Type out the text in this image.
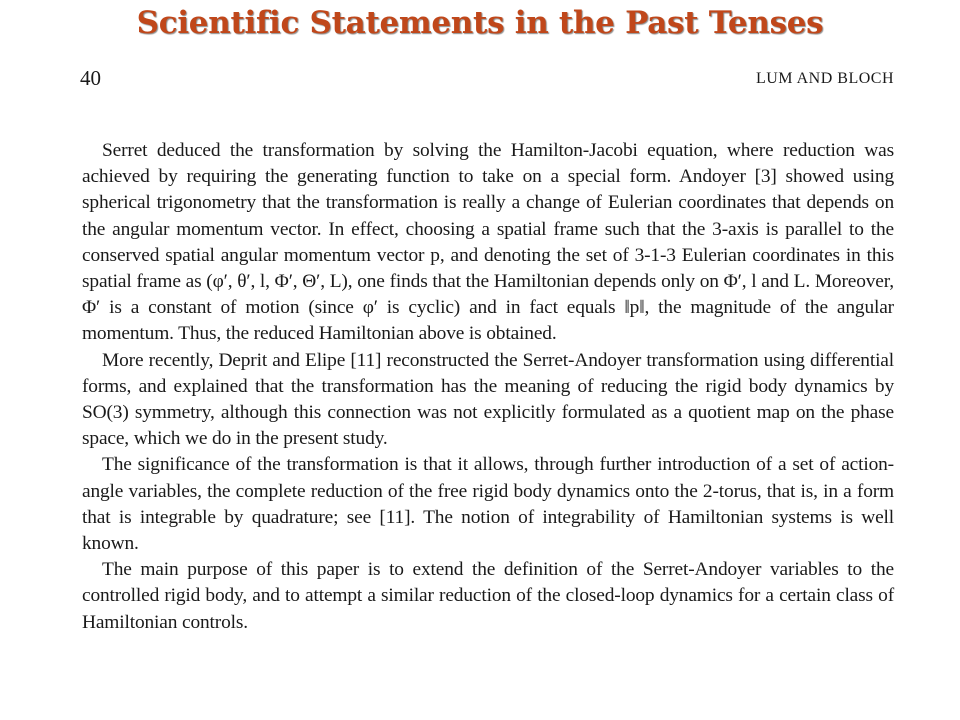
Scientific Statements in the Past Tenses
40	LUM AND BLOCH

Serret deduced the transformation by solving the Hamilton-Jacobi equation, where reduction was achieved by requiring the generating function to take on a special form. Andoyer [3] showed using spherical trigonometry that the transformation is really a change of Eulerian coordinates that depends on the angular momentum vector. In effect, choosing a spatial frame such that the 3-axis is parallel to the conserved spatial angular momentum vector p, and denoting the set of 3-1-3 Eulerian coordinates in this spatial frame as (φ′, θ′, l, Φ′, Θ′, L), one finds that the Hamiltonian depends only on Φ′, l and L. Moreover, Φ′ is a constant of motion (since φ′ is cyclic) and in fact equals ‖p‖, the magnitude of the angular momentum. Thus, the reduced Hamiltonian above is obtained.

More recently, Deprit and Elipe [11] reconstructed the Serret-Andoyer transformation using differential forms, and explained that the transformation has the meaning of reducing the rigid body dynamics by SO(3) symmetry, although this connection was not explicitly formulated as a quotient map on the phase space, which we do in the present study.

The significance of the transformation is that it allows, through further introduction of a set of action-angle variables, the complete reduction of the free rigid body dynamics onto the 2-torus, that is, in a form that is integrable by quadrature; see [11]. The notion of integrability of Hamiltonian systems is well known.

The main purpose of this paper is to extend the definition of the Serret-Andoyer variables to the controlled rigid body, and to attempt a similar reduction of the closed-loop dynamics for a certain class of Hamiltonian controls.
